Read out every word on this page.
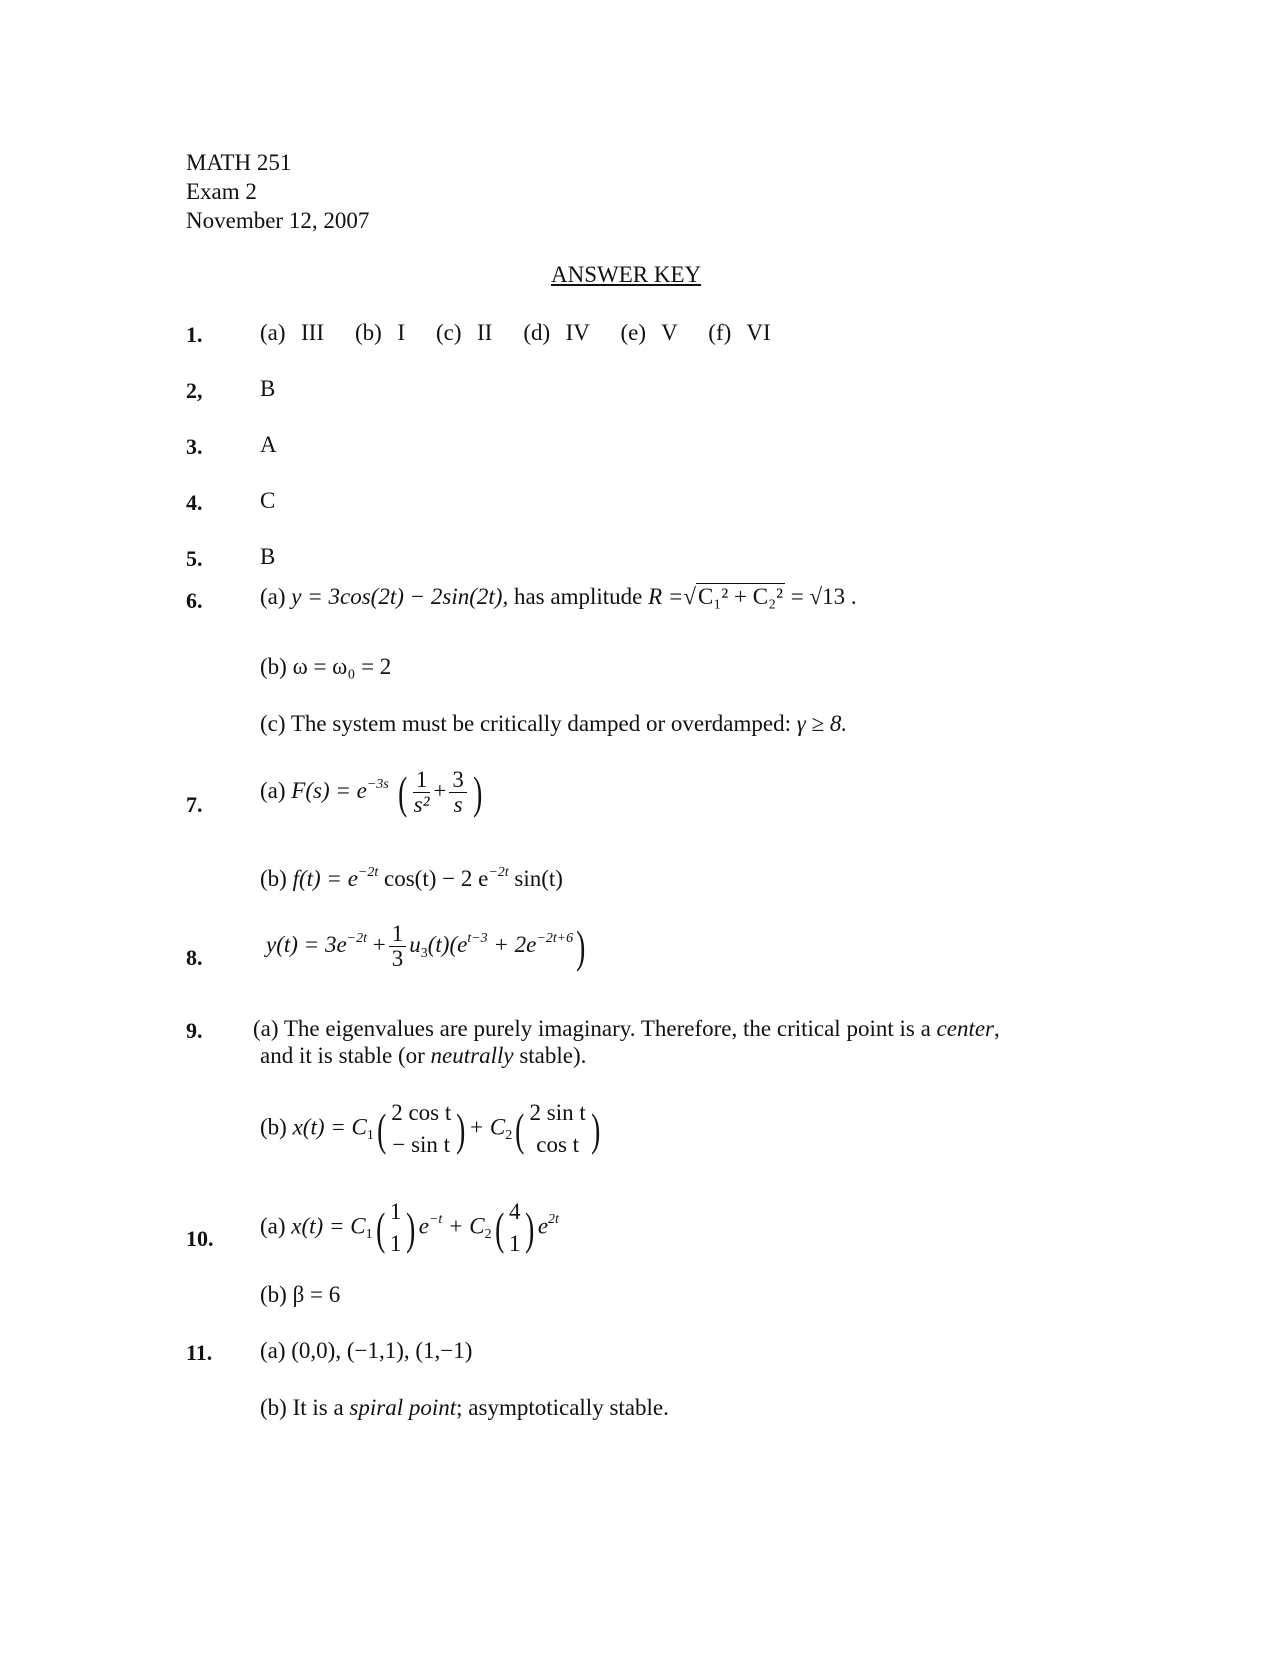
MATH 251
Exam 2
November 12, 2007
ANSWER KEY
1.	(a)  III    (b)  I    (c)  II    (d)  IV    (e)  V    (f)  VI
2,	B
3.	A
4.	C
5.	B
6.	(a) y = 3cos(2t) − 2sin(2t), has amplitude R =√C₁² + C₂² = √13 .
(b) ω = ω₀ = 2
(c) The system must be critically damped or overdamped: γ ≥ 8.
7.
(a) $F(s) = e^{-3s}$ ( $\frac{1}{\text{s²}} + \frac{3}{s}$ )
(b) $f(t) = e^{-2t}$ cos(t) − 2 $e^{-2t}$ sin(t)
8.
$y(t) = 3e^{-2t} + \frac{1}{3} u_3(t)(e^{t-3} + 2e^{-2t+6})$
9. (a) The eigenvalues are purely imaginary. Therefore, the critical point is a center,
and it is stable (or neutrally stable).
(b) $x(t) = C_1$( 2 cos t
− sin t ) + $C_2$( 2 sin t
cos t )
10.
(a) $x(t) = C_1$( 1
1 ) $e^{-t} + C_2$( 4
1 ) $e^{2t}$
(b) β = 6
11. (a) (0,0), (−1,1), (1,−1)
(b) It is a spiral point; asymptotically stable.
